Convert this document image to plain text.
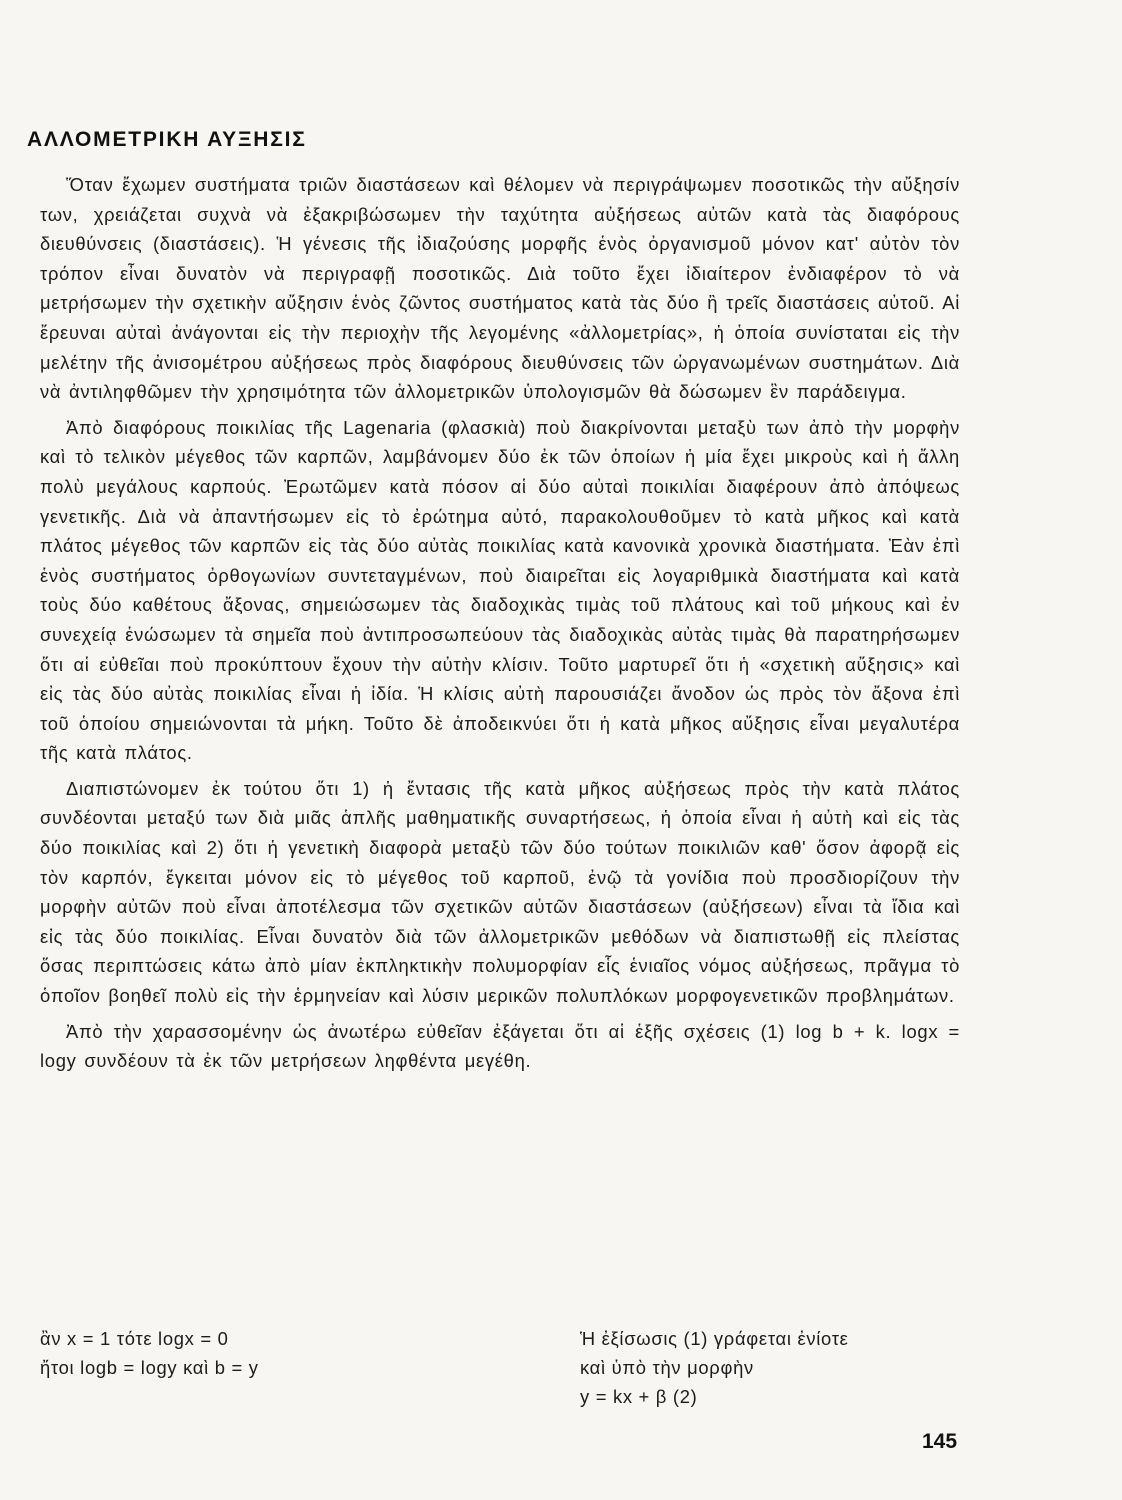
ΑΛΛΟΜΕΤΡΙΚΗ ΑΥΞΗΣΙΣ

Ὅταν ἔχωμεν συστήματα τριῶν διαστάσεων καὶ θέλομεν νὰ περιγράψωμεν ποσοτικῶς τὴν αὔξησίν των, χρειάζεται συχνὰ νὰ ἐξακριβώσωμεν τὴν ταχύτητα αὐξήσεως αὐτῶν κατὰ τὰς διαφόρους διευθύνσεις (διαστάσεις). Ἡ γένεσις τῆς ἰδιαζούσης μορφῆς ἑνὸς ὀργανισμοῦ μόνον κατ' αὐτὸν τὸν τρόπον εἶναι δυνατὸν νὰ περιγραφῇ ποσοτικῶς. Διὰ τοῦτο ἔχει ἰδιαίτερον ἐνδιαφέρον τὸ νὰ μετρήσωμεν τὴν σχετικὴν αὔξησιν ἑνὸς ζῶντος συστήματος κατὰ τὰς δύο ἢ τρεῖς διαστάσεις αὐτοῦ. Αἱ ἔρευναι αὐταὶ ἀνάγονται εἰς τὴν περιοχὴν τῆς λεγομένης «ἀλλομετρίας», ἡ ὁποία συνίσταται εἰς τὴν μελέτην τῆς ἀνισομέτρου αὐξήσεως πρὸς διαφόρους διευθύνσεις τῶν ὠργανωμένων συστημάτων. Διὰ νὰ ἀντιληφθῶμεν τὴν χρησιμότητα τῶν ἀλλομετρικῶν ὑπολογισμῶν θὰ δώσωμεν ἓν παράδειγμα.

Ἀπὸ διαφόρους ποικιλίας τῆς Lagenaria (φλασκιὰ) ποὺ διακρίνονται μεταξὺ των ἀπὸ τὴν μορφὴν καὶ τὸ τελικὸν μέγεθος τῶν καρπῶν, λαμβάνομεν δύο ἐκ τῶν ὁποίων ἡ μία ἔχει μικροὺς καὶ ἡ ἄλλη πολὺ μεγάλους καρπούς. Ἐρωτῶμεν κατὰ πόσον αἱ δύο αὐταὶ ποικιλίαι διαφέρουν ἀπὸ ἀπόψεως γενετικῆς. Διὰ νὰ ἀπαντήσωμεν εἰς τὸ ἐρώτημα αὐτό, παρακολουθοῦμεν τὸ κατὰ μῆκος καὶ κατὰ πλάτος μέγεθος τῶν καρπῶν εἰς τὰς δύο αὐτὰς ποικιλίας κατὰ κανονικὰ χρονικὰ διαστήματα. Ἐὰν ἐπὶ ἑνὸς συστήματος ὀρθογωνίων συντεταγμένων, ποὺ διαιρεῖται εἰς λογαριθμικὰ διαστήματα καὶ κατὰ τοὺς δύο καθέτους ἄξονας, σημειώσωμεν τὰς διαδοχικὰς τιμὰς τοῦ πλάτους καὶ τοῦ μήκους καὶ ἐν συνεχείᾳ ἑνώσωμεν τὰ σημεῖα ποὺ ἀντιπροσωπεύουν τὰς διαδοχικὰς αὐτὰς τιμὰς θὰ παρατηρήσωμεν ὅτι αἱ εὐθεῖαι ποὺ προκύπτουν ἔχουν τὴν αὐτὴν κλίσιν. Τοῦτο μαρτυρεῖ ὅτι ἡ «σχετικὴ αὔξησις» καὶ εἰς τὰς δύο αὐτὰς ποικιλίας εἶναι ἡ ἰδία. Ἡ κλίσις αὐτὴ παρουσιάζει ἄνοδον ὡς πρὸς τὸν ἄξονα ἐπὶ τοῦ ὁποίου σημειώνονται τὰ μήκη. Τοῦτο δὲ ἀποδεικνύει ὅτι ἡ κατὰ μῆκος αὔξησις εἶναι μεγαλυτέρα τῆς κατὰ πλάτος.

Διαπιστώνομεν ἐκ τούτου ὅτι 1) ἡ ἔντασις τῆς κατὰ μῆκος αὐξήσεως πρὸς τὴν κατὰ πλάτος συνδέονται μεταξύ των διὰ μιᾶς ἁπλῆς μαθηματικῆς συναρτήσεως, ἡ ὁποία εἶναι ἡ αὐτὴ καὶ εἰς τὰς δύο ποικιλίας καὶ 2) ὅτι ἡ γενετικὴ διαφορὰ μεταξὺ τῶν δύο τούτων ποικιλιῶν καθ' ὅσον ἀφορᾷ εἰς τὸν καρπόν, ἔγκειται μόνον εἰς τὸ μέγεθος τοῦ καρποῦ, ἐνῷ τὰ γονίδια ποὺ προσδιορίζουν τὴν μορφὴν αὐτῶν ποὺ εἶναι ἀποτέλεσμα τῶν σχετικῶν αὐτῶν διαστάσεων (αὐξήσεων) εἶναι τὰ ἴδια καὶ εἰς τὰς δύο ποικιλίας. Εἶναι δυνατὸν διὰ τῶν ἀλλομετρικῶν μεθόδων νὰ διαπιστωθῇ εἰς πλείστας ὅσας περιπτώσεις κάτω ἀπὸ μίαν ἐκπληκτικὴν πολυμορφίαν εἷς ἑνιαῖος νόμος αὐξήσεως, πρᾶγμα τὸ ὁποῖον βοηθεῖ πολὺ εἰς τὴν ἑρμηνείαν καὶ λύσιν μερικῶν πολυπλόκων μορφογενετικῶν προβλημάτων.

Ἀπὸ τὴν χαρασσομένην ὡς ἀνωτέρω εὐθεῖαν ἐξάγεται ὅτι αἱ ἑξῆς σχέσεις (1) log b + k. logx = logy συνδέουν τὰ ἐκ τῶν μετρήσεων ληφθέντα μεγέθη.

ἂν x = 1 τότε logx = 0
ἤτοι logb = logy καὶ b = y
Ἡ ἐξίσωσις (1) γράφεται ἐνίοτε
καὶ ὑπὸ τὴν μορφὴν
y = kx + β (2)
145
